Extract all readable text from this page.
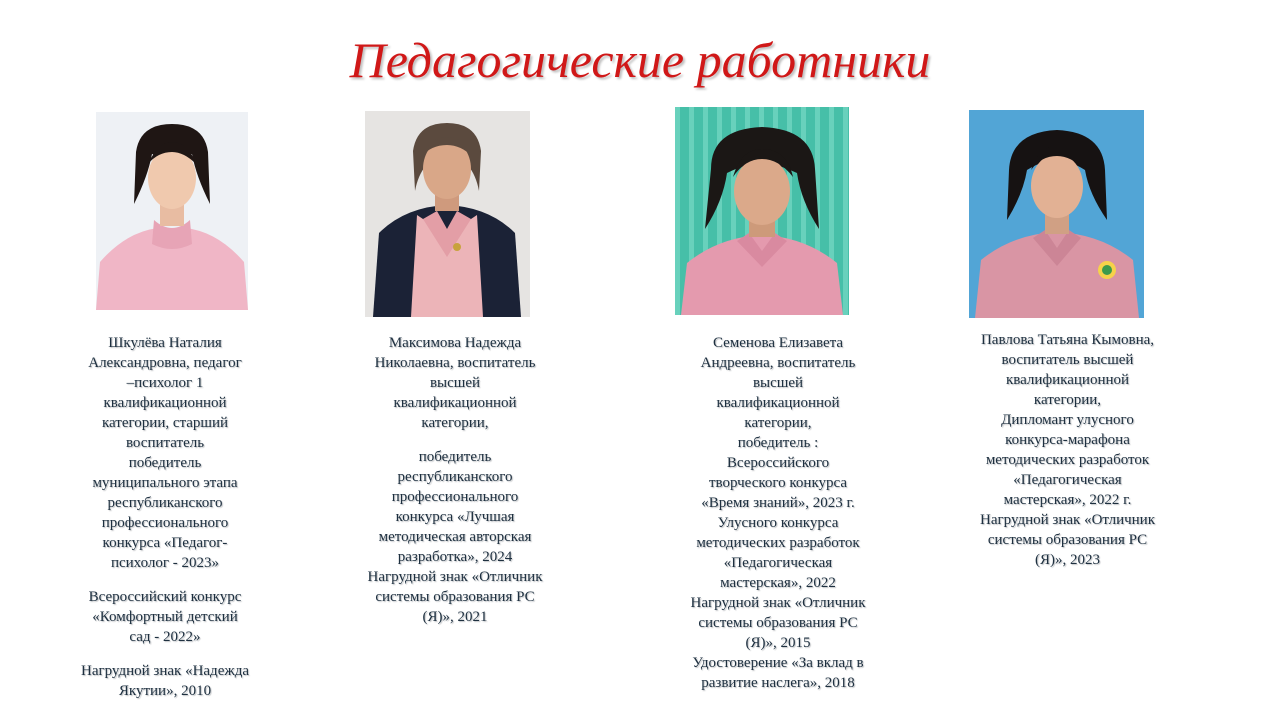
Педагогические работники

Шкулёва Наталия
Александровна, педагог
–психолог 1
квалификационной
категории, старший
воспитатель
победитель
муниципального этапа
республиканского
профессионального
конкурса «Педагог-
психолог - 2023»

Всероссийский конкурс
«Комфортный детский
сад - 2022»

Нагрудной знак «Надежда
Якутии», 2010

Максимова Надежда
Николаевна, воспитатель
высшей
квалификационной
категории,

победитель
республиканского
профессионального
конкурса «Лучшая
методическая авторская
разработка», 2024
Нагрудной знак «Отличник
системы образования РС
(Я)», 2021

Семенова Елизавета
Андреевна, воспитатель
высшей
квалификационной
категории,
победитель :
Всероссийского
творческого конкурса
«Время знаний», 2023 г.
Улусного конкурса
методических разработок
«Педагогическая
мастерская», 2022
Нагрудной знак «Отличник
системы образования РС
(Я)», 2015
Удостоверение «За вклад в
развитие наслега», 2018

Павлова Татьяна Кымовна,
воспитатель высшей
квалификационной
категории,
Дипломант улусного
конкурса-марафона
методических разработок
«Педагогическая
мастерская», 2022 г.
Нагрудной знак «Отличник
системы образования РС
(Я)», 2023
